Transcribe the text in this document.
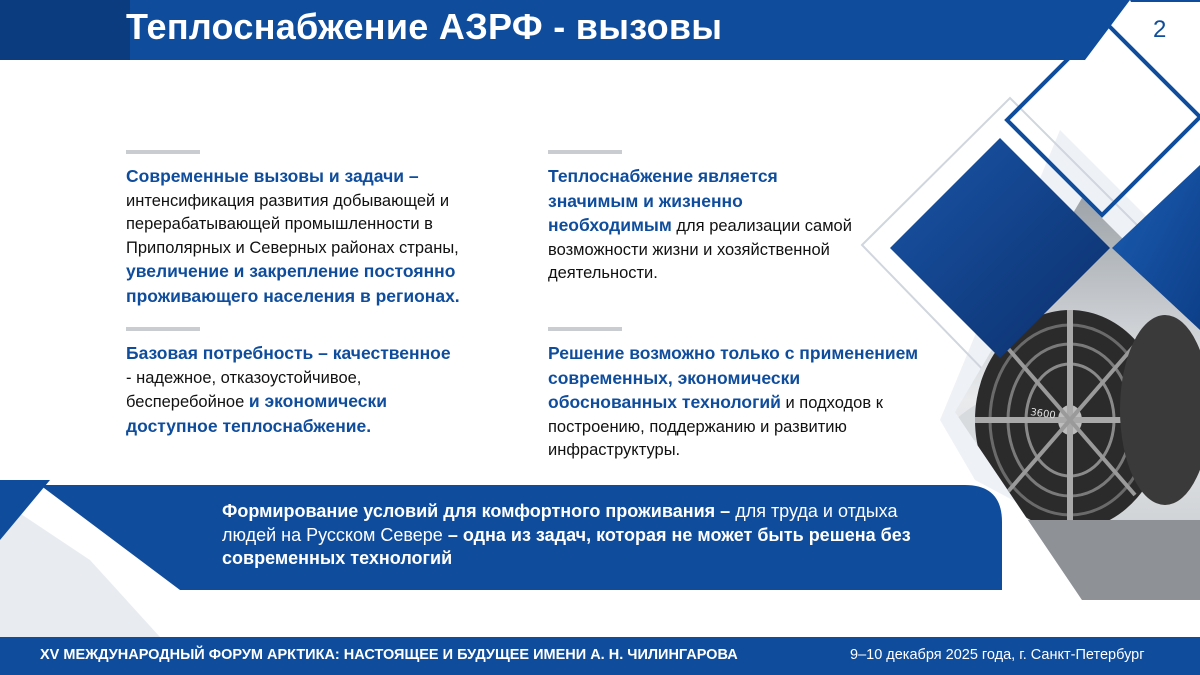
3600
Теплоснабжение АЗРФ - вызовы	2
Современные вызовы и задачи – интенсификация развития добывающей и перерабатывающей промышленности в Приполярных и Северных районах страны, увеличение и закрепление постоянно проживающего населения в регионах.
Теплоснабжение является значимым и жизненно необходимым для реализации самой возможности жизни и хозяйственной деятельности.
Базовая потребность – качественное - надежное, отказоустойчивое, бесперебойное и экономически доступное теплоснабжение.
Решение возможно только с применением современных, экономически обоснованных технологий и подходов к построению, поддержанию и развитию инфраструктуры.
Формирование условий для комфортного проживания – для труда и отдыха людей на Русском Севере – одна из задач, которая не может быть решена без современных технологий
XV МЕЖДУНАРОДНЫЙ ФОРУМ АРКТИКА: НАСТОЯЩЕЕ И БУДУЩЕЕ ИМЕНИ А. Н. ЧИЛИНГАРОВА	9–10 декабря 2025 года, г. Санкт-Петербург
